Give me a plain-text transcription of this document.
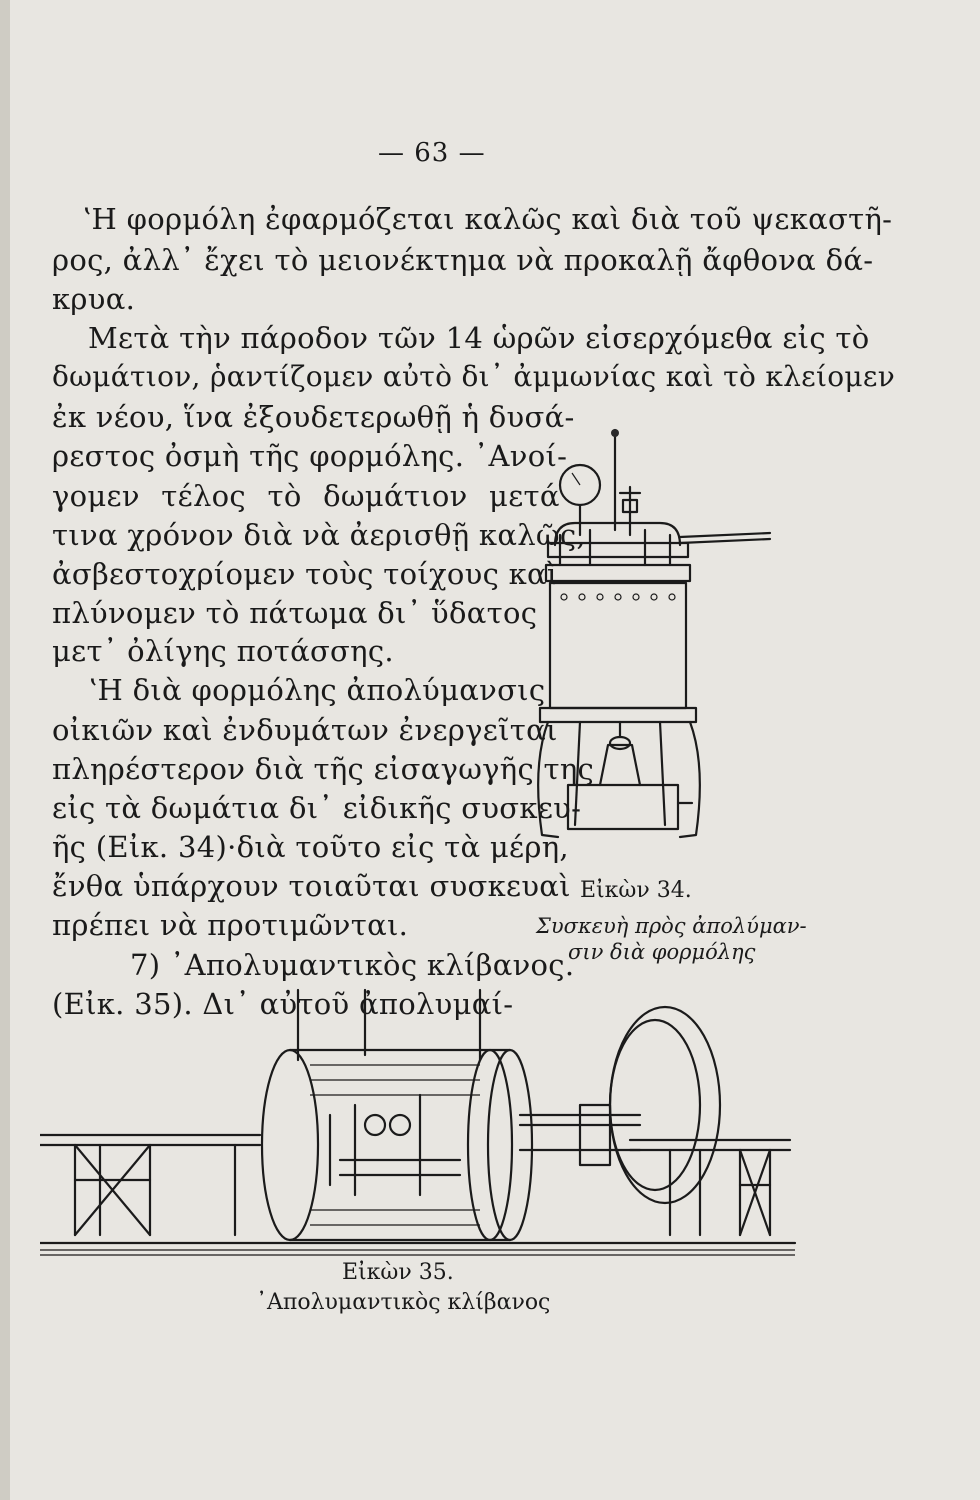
— 63 —
ʽΗ φορμόλη ἐφαρμόζεται καλῶς καὶ διὰ τοῦ ψεκαστῆ-
ρος, ἀλλ᾽ ἔχει τὸ μειονέκτημα νὰ προκαλῇ ἄφθονα δά-
κρυα.
Μετὰ τὴν πάροδον τῶν 14 ὡρῶν εἰσερχόμεθα εἰς τὸ
δωμάτιον, ῥαντίζομεν αὐτὸ δι᾽ ἀμμωνίας καὶ τὸ κλείομεν
ἐκ νέου, ἵνα ἐξουδετερωθῇ ἡ δυσά-
ρεστος ὀσμὴ τῆς φορμόλης. ᾽Ανοί-
γομεν τέλος τὸ δωμάτιον μετά
τινα χρόνον διὰ νὰ ἀερισθῇ καλῶς,
ἀσβεστοχρίομεν τοὺς τοίχους καὶ
πλύνομεν τὸ πάτωμα δι᾽ ὕδατος
μετ᾽ ὀλίγης ποτάσσης.
ʽΗ διὰ φορμόλης ἀπολύμανσις
οἰκιῶν καὶ ἐνδυμάτων ἐνεργεῖται
πληρέστερον διὰ τῆς εἰσαγωγῆς της
εἰς τὰ δωμάτια δι᾽ εἰδικῆς συσκευ-
ῆς (Εἰκ. 34)·διὰ τοῦτο εἰς τὰ μέρη,
ἔνθα ὑπάρχουν τοιαῦται συσκευαὶ
πρέπει νὰ προτιμῶνται.
7) ᾽Απολυμαντικὸς κλίβανος.
(Εἰκ. 35). Δι᾽ αὐτοῦ ἀπολυμαί-
Εἰκὼν 34.
Συσκευὴ πρὸς ἀπολύμαν-
σιν διὰ φορμόλης
Εἰκὼν 35.
᾽Απολυμαντικὸς κλίβανος
